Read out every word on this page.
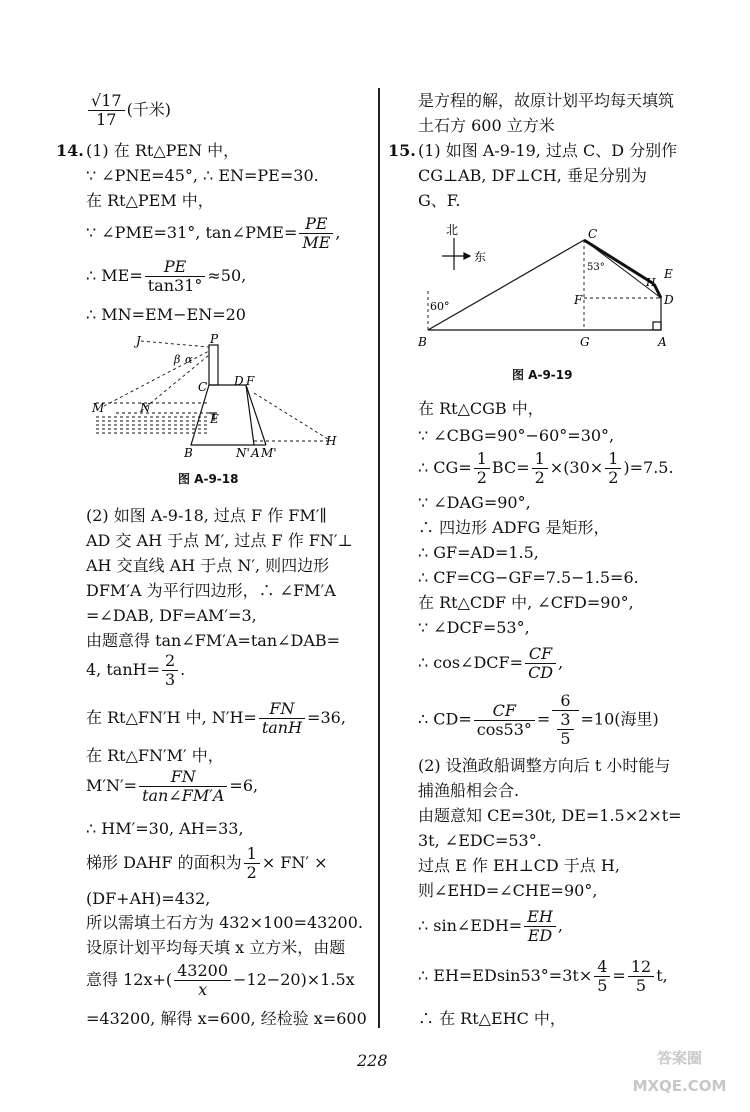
$\frac{√17}{17}$ (千米)
14. (1) 在 Rt△PEN 中，
∵ ∠PNE=45°, ∴ EN=PE=30.
在 Rt△PEM 中，
∵ ∠PME=31°, tan∠PME= $\frac{PE}{ME}$ ,
∴ $ME= \frac{PE}{\tan 31^\circ} \approx 50$,
∴ MN=EM−EN=20
J	P
β α
C D F
E
M	N
B	N' A M'
H
图 A-9-18
(2) 如图 A-9-18, 过点 F 作 FM′∥
AD 交 AH 于点 M′, 过点 F 作 FN′⊥
AH 交直线 AH 于点 N′, 则四边形
DFM′A 为平行四边形，∴ ∠FM′A
=∠DAB, DF=AM′=3,
由题意得 tan∠FM′A=tan∠DAB=
4, $\tan H= \frac{2}{3}$ .
在 Rt△FN′H 中, $N'H= \frac{FN}{\tan H} =36$,
在 Rt△FN′M′ 中，
$M'N'= \frac{FN}{\tan\angle FM'A} =6$,
∴ HM′=30, AH=33,
梯形 DAHF 的面积为 $\frac{1}{2} \times FN'$ ×
(DF+AH)=432,
所以需填土石方为 432×100=43200.
设原计划平均每天填 x 立方米，由题
意得 $12x+( \frac{43200}{x} -12-20)\times 1.5x$
=43200, 解得 x=600, 经检验 x=600
是方程的解，故原计划平均每天填筑
土石方 600 立方米
15. (1) 如图 A-9-19, 过点 C、D 分别作
CG⊥AB, DF⊥CH, 垂足分别为
G、F.
北
东
C
53°	E
H
F	D
60°
B	G	A
图 A-9-19
在 Rt△CGB 中，
∵ ∠CBG=90°−60°=30°,
∴ $CG= \frac{1}{2} BC= \frac{1}{2} \times(30\times \frac{1}{2} )=7.5$.
∵ ∠DAG=90°,
∴ 四边形 ADFG 是矩形，
∴ GF=AD=1.5,
∴ CF=CG−GF=7.5−1.5=6.
在 Rt△CDF 中, ∠CFD=90°,
∵ ∠DCF=53°,
∴ cos∠DCF= $\frac{CF}{CD}$ ,
∴ $CD= \frac{CF}{\cos 53^\circ} = \frac{6}{\frac{3}{5}} =10$(海里)
(2) 设渔政船调整方向后 t 小时能与
捕渔船相会合.
由题意知 CE=30t, DE=1.5×2×t=
3t, ∠EDC=53°.
过点 E 作 EH⊥CD 于点 H,
则∠EHD=∠CHE=90°,
∴ sin∠EDH= $\frac{EH}{ED}$ ,
∴ $EH=EDsin53^\circ=3t\times \frac{4}{5} = \frac{12}{5} t$,
∴ 在 Rt△EHC 中，
228	答案圈 MXQE.COM
